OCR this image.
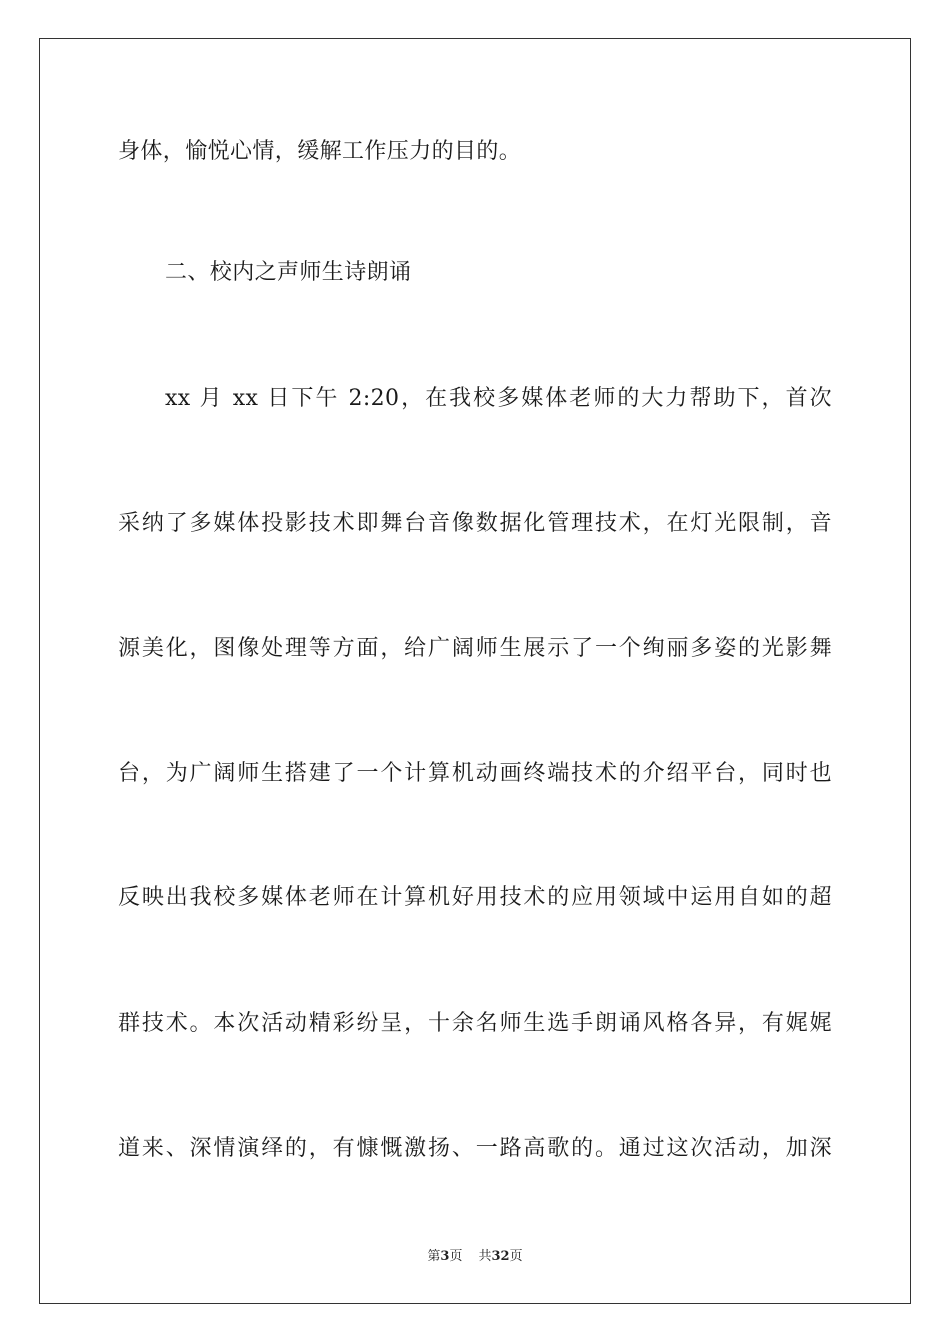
身体，愉悦心情，缓解工作压力的目的。
二、校内之声师生诗朗诵
xx 月 xx 日下午 2:20，在我校多媒体老师的大力帮助下，首次
采纳了多媒体投影技术即舞台音像数据化管理技术，在灯光限制，音
源美化，图像处理等方面，给广阔师生展示了一个绚丽多姿的光影舞
台，为广阔师生搭建了一个计算机动画终端技术的介绍平台，同时也
反映出我校多媒体老师在计算机好用技术的应用领域中运用自如的超
群技术。本次活动精彩纷呈，十余名师生选手朗诵风格各异，有娓娓
道来、深情演绎的，有慷慨激扬、一路高歌的。通过这次活动，加深
第3页 共32页
